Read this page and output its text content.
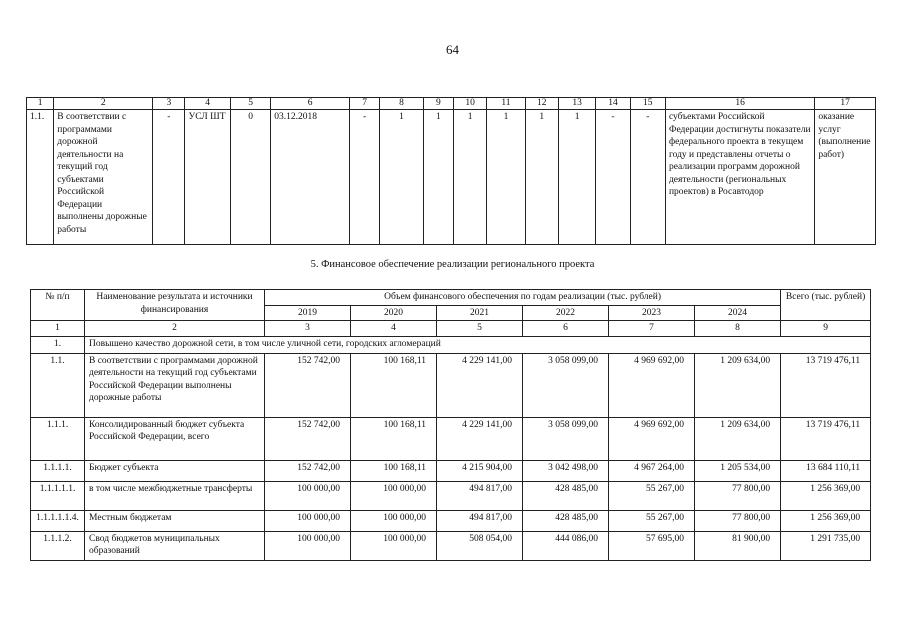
64
1	2	3	4	5	6	7	8	9	10	11	12	13	14	15	16	17
1.1.	В соответствии с программами дорожной деятельности на текущий год субъектами Российской Федерации выполнены дорожные работы	-	УСЛ ШТ	0	03.12.2018	-	1	1	1	1	1	1	-	-	субъектами Российской Федерации достигнуты показатели федерального проекта в текущем году и представлены отчеты о реализации программ дорожной деятельности (региональных проектов) в Росавтодор	оказание услуг (выполнение работ)
5. Финансовое обеспечение реализации регионального проекта
№ п/п	Наименование результата и источники финансирования	Объем финансового обеспечения по годам реализации (тыс. рублей)						Всего (тыс. рублей)
		2019	2020	2021	2022	2023	2024	
1	2	3	4	5	6	7	8	9
1.	Повышено качество дорожной сети, в том числе уличной сети, городских агломераций							
1.1.	В соответствии с программами дорожной деятельности на текущий год субъектами Российской Федерации выполнены дорожные работы	152 742,00	100 168,11	4 229 141,00	3 058 099,00	4 969 692,00	1 209 634,00	13 719 476,11
1.1.1.	Консолидированный бюджет субъекта Российской Федерации, всего	152 742,00	100 168,11	4 229 141,00	3 058 099,00	4 969 692,00	1 209 634,00	13 719 476,11
1.1.1.1.	Бюджет субъекта	152 742,00	100 168,11	4 215 904,00	3 042 498,00	4 967 264,00	1 205 534,00	13 684 110,11
1.1.1.1.1.	в том числе межбюджетные трансферты	100 000,00	100 000,00	494 817,00	428 485,00	55 267,00	77 800,00	1 256 369,00
1.1.1.1.1.4.	Местным бюджетам	100 000,00	100 000,00	494 817,00	428 485,00	55 267,00	77 800,00	1 256 369,00
1.1.1.2.	Свод бюджетов муниципальных образований	100 000,00	100 000,00	508 054,00	444 086,00	57 695,00	81 900,00	1 291 735,00
